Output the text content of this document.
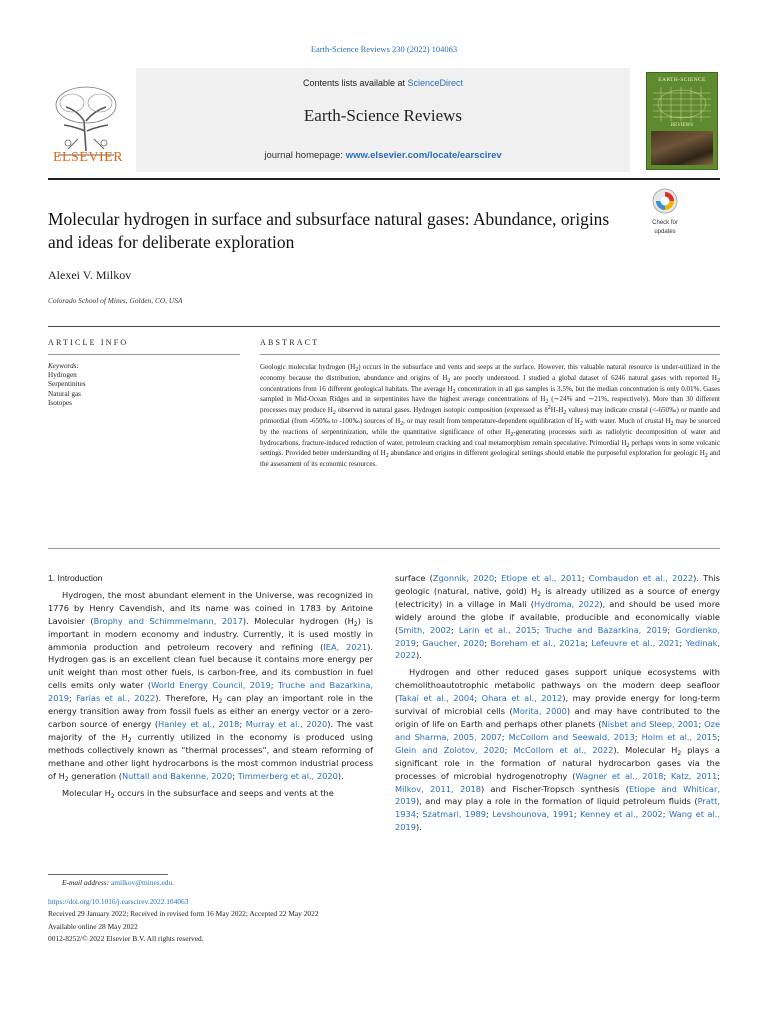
Earth-Science Reviews 230 (2022) 104063
ELSEVIER
Contents lists available at ScienceDirect
Earth-Science Reviews
journal homepage: www.elsevier.com/locate/earscirev
EARTH-SCIENCE
REVIEWS
Molecular hydrogen in surface and subsurface natural gases: Abundance, origins and ideas for deliberate exploration
Check for
updates
Alexei V. Milkov
Colorado School of Mines, Golden, CO, USA
ARTICLE INFO	ABSTRACT
Keywords:
Hydrogen
Serpentinites
Natural gas
Isotopes
Geologic molecular hydrogen $(H_2)$ occurs in the subsurface and vents and seeps at the surface. However, this valuable natural resource is under-utilized in the economy because the distribution, abundance and origins of $H_2$ are poorly understood. I studied a global dataset of 6246 natural gases with reported $H_2$ concentrations from 16 different geological habitats. The average $H_2$ concentration in all gas samples is 3.5%, but the median concentration is only 0.01%. Gases sampled in Mid-Ocean Ridges and in serpentinites have the highest average concentrations of $H_2$ (∼24% and ∼21%, respectively). More than 30 different processes may produce $H_2$ observed in natural gases. Hydrogen isotopic composition (expressed as $\delta^2H-H_2$ values) may indicate crustal (<-650‰) or mantle and primordial (from -650‰ to -100‰) sources of $H_2$, or may result from temperature-dependent equilibration of $H_2$ with water. Much of crustal $H_2$ may be sourced by the reactions of serpentinization, while the quantitative significance of other $H_2$-generating processes such as radiolytic decomposition of water and hydrocarbons, fracture-induced reduction of water, petroleum cracking and coal metamorphism remain speculative. Primordial $H_2$ perhaps vents in some volcanic settings. Provided better understanding of $H_2$ abundance and origins in different geological settings should enable the purposeful exploration for geologic $H_2$ and the assessment of its economic resources.

1. Introduction

Hydrogen, the most abundant element in the Universe, was recognized in 1776 by Henry Cavendish, and its name was coined in 1783 by Antoine Lavoisier (Brophy and Schimmelmann, 2017). Molecular hydrogen $(H_2)$ is important in modern economy and industry. Currently, it is used mostly in ammonia production and petroleum recovery and refining (IEA, 2021). Hydrogen gas is an excellent clean fuel because it contains more energy per unit weight than most other fuels, is carbon-free, and its combustion in fuel cells emits only water (World Energy Council, 2019; Truche and Bazarkina, 2019; Farias et al., 2022). Therefore, $H_2$ can play an important role in the energy transition away from fossil fuels as either an energy vector or a zero-carbon source of energy (Hanley et al., 2018; Murray et al., 2020). The vast majority of the $H_2$ currently utilized in the economy is produced using methods collectively known as “thermal processes”, and steam reforming of methane and other light hydrocarbons is the most common industrial process of $H_2$ generation (Nuttall and Bakenne, 2020; Timmerberg et al., 2020).

Molecular $H_2$ occurs in the subsurface and seeps and vents at the

surface (Zgonnik, 2020; Etiope et al., 2011; Combaudon et al., 2022). This geologic (natural, native, gold) $H_2$ is already utilized as a source of energy (electricity) in a village in Mali (Hydroma, 2022), and should be used more widely around the globe if available, producible and economically viable (Smith, 2002; Larin et al., 2015; Truche and Bazarkina, 2019; Gordienko, 2019; Gaucher, 2020; Boreham et al., 2021a; Lefeuvre et al., 2021; Yedinak, 2022).

Hydrogen and other reduced gases support unique ecosystems with chemolithoautotrophic metabolic pathways on the modern deep seafloor (Takai et al., 2004; Ohara et al., 2012), may provide energy for long-term survival of microbial cells (Morita, 2000) and may have contributed to the origin of life on Earth and perhaps other planets (Nisbet and Sleep, 2001; Oze and Sharma, 2005, 2007; McCollom and Seewald, 2013; Holm et al., 2015; Glein and Zolotov, 2020; McCollom et al., 2022). Molecular $H_2$ plays a significant role in the formation of natural hydrocarbon gases via the processes of microbial hydrogenotrophy (Wagner et al., 2018; Katz, 2011; Milkov, 2011, 2018) and Fischer-Tropsch synthesis (Etiope and Whiticar, 2019), and may play a role in the formation of liquid petroleum fluids (Pratt, 1934; Szatmari, 1989; Levshounova, 1991; Kenney et al., 2002; Wang et al., 2019).

E-mail address: amilkov@mines.edu.
https://doi.org/10.1016/j.earscirev.2022.104063
Received 29 January 2022; Received in revised form 16 May 2022; Accepted 22 May 2022
Available online 28 May 2022
0012-8252/© 2022 Elsevier B.V. All rights reserved.
